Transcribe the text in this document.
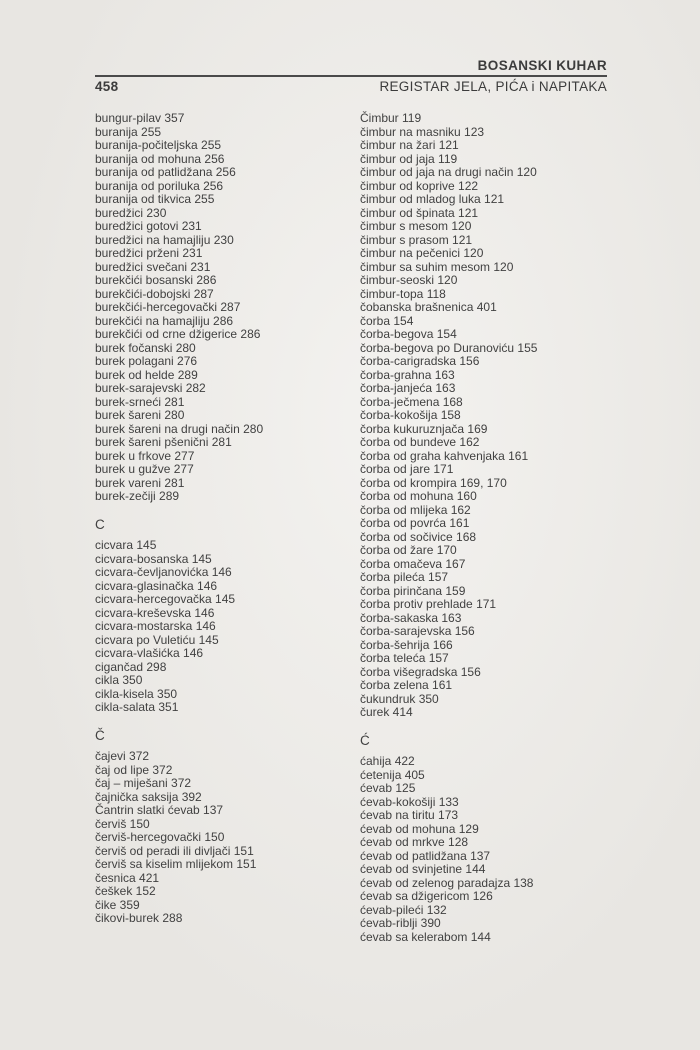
BOSANSKI KUHAR
458	REGISTAR JELA, PIĆA i NAPITAKA
bungur-pilav 357
buranija 255
buranija-počiteljska 255
buranija od mohuna 256
buranija od patlidžana 256
buranija od poriluka 256
buranija od tikvica 255
buredžici 230
buredžici gotovi 231
buredžici na hamajliju 230
buredžici prženi 231
buredžici svečani 231
burekčići bosanski 286
burekčići-dobojski 287
burekčići-hercegovački 287
burekčići na hamajliju 286
burekčići od crne džigerice 286
burek fočanski 280
burek polagani 276
burek od helde 289
burek-sarajevski 282
burek-srneći 281
burek šareni 280
burek šareni na drugi način 280
burek šareni pšenični 281
burek u frkove 277
burek u gužve 277
burek vareni 281
burek-zečiji 289
C
cicvara 145
cicvara-bosanska 145
cicvara-čevljanovićka 146
cicvara-glasinačka 146
cicvara-hercegovačka 145
cicvara-kreševska 146
cicvara-mostarska 146
cicvara po Vuletiću 145
cicvara-vlašićka 146
cigančad 298
cikla 350
cikla-kisela 350
cikla-salata 351
Č
čajevi 372
čaj od lipe 372
čaj – miješani 372
čajnička saksija 392
Čantrin slatki ćevab 137
červiš 150
červiš-hercegovački 150
červiš od peradi ili divljači 151
červiš sa kiselim mlijekom 151
česnica 421
češkek 152
čike 359
čikovi-burek 288
Čimbur 119
čimbur na masniku 123
čimbur na žari 121
čimbur od jaja 119
čimbur od jaja na drugi način 120
čimbur od koprive 122
čimbur od mladog luka 121
čimbur od špinata 121
čimbur s mesom 120
čimbur s prasom 121
čimbur na pečenici 120
čimbur sa suhim mesom 120
čimbur-seoski 120
čimbur-topa 118
čobanska brašnenica 401
čorba 154
čorba-begova 154
čorba-begova po Duranoviću 155
čorba-carigradska 156
čorba-grahna 163
čorba-janjeća 163
čorba-ječmena 168
čorba-kokošija 158
čorba kukuruznjača 169
čorba od bundeve 162
čorba od graha kahvenjaka 161
čorba od jare 171
čorba od krompira 169, 170
čorba od mohuna 160
čorba od mlijeka 162
čorba od povrća 161
čorba od sočivice 168
čorba od žare 170
čorba omačeva 167
čorba pileća 157
čorba pirinčana 159
čorba protiv prehlade 171
čorba-sakaska 163
čorba-sarajevska 156
čorba-šehrija 166
čorba teleća 157
čorba višegradska 156
čorba zelena 161
čukundruk 350
čurek 414
Ć
ćahija 422
ćetenija 405
ćevab 125
ćevab-kokošiji 133
ćevab na tiritu 173
ćevab od mohuna 129
ćevab od mrkve 128
ćevab od patlidžana 137
ćevab od svinjetine 144
ćevab od zelenog paradajza 138
ćevab sa džigericom 126
ćevab-pileći 132
ćevab-riblji 390
ćevab sa kelerabom 144
